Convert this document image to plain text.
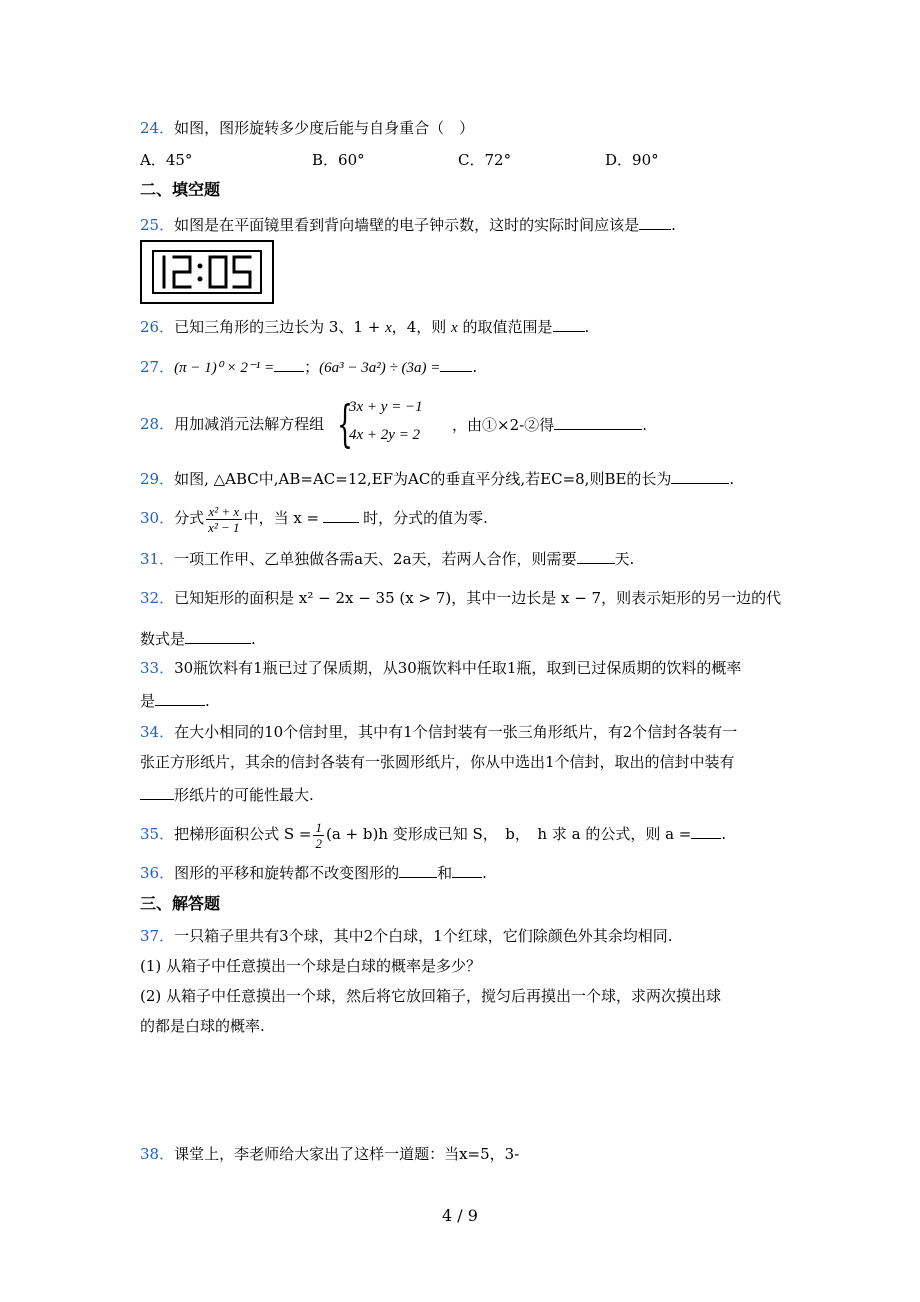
24．如图，图形旋转多少度后能与自身重合（　）
A．45°	B．60°	C．72°	D．90°
二、填空题
25．如图是在平面镜里看到背向墙壁的电子钟示数，这时的实际时间应该是 .
26．已知三角形的三边长为 3、1 + x，4，则 x 的取值范围是 .
27．(π − 1)⁰ × 2⁻¹ = ；(6a³ − 3a²) ÷ (3a) = .
28．用加减消元法解方程组 {
3x + y = −1
4x + 2y = 2
，由①×2-②得	.
29．如图, △ABC中,AB=AC=12,EF为AC的垂直平分线,若EC=8,则BE的长为	.
30．分式 $\frac{\text{x² + x}}{\text{x² − 1}}$ 中，当 x =	时，分式的值为零.
31．一项工作甲、乙单独做各需a天、2a天，若两人合作，则需要	天.
32．已知矩形的面积是 x² − 2x − 35 (x > 7)，其中一边长是 x − 7，则表示矩形的另一边的代
数式是	.
33．30瓶饮料有1瓶已过了保质期，从30瓶饮料中任取1瓶，取到已过保质期的饮料的概率
是	.
34．在大小相同的10个信封里，其中有1个信封装有一张三角形纸片，有2个信封各装有一
张正方形纸片，其余的信封各装有一张圆形纸片，你从中选出1个信封，取出的信封中装有
形纸片的可能性最大.
35．把梯形面积公式 $S = \frac{1}{2} (a + b)h$ 变形成已知 S，　b，　h 求 a 的公式，则 a = .
36．图形的平移和旋转都不改变图形的	和 .
三、解答题
37．一只箱子里共有3个球，其中2个白球，1个红球，它们除颜色外其余均相同.
(1) 从箱子中任意摸出一个球是白球的概率是多少？
(2) 从箱子中任意摸出一个球，然后将它放回箱子，搅匀后再摸出一个球，求两次摸出球
的都是白球的概率.
38．课堂上，李老师给大家出了这样一道题：当x=5，3-
4 / 9
